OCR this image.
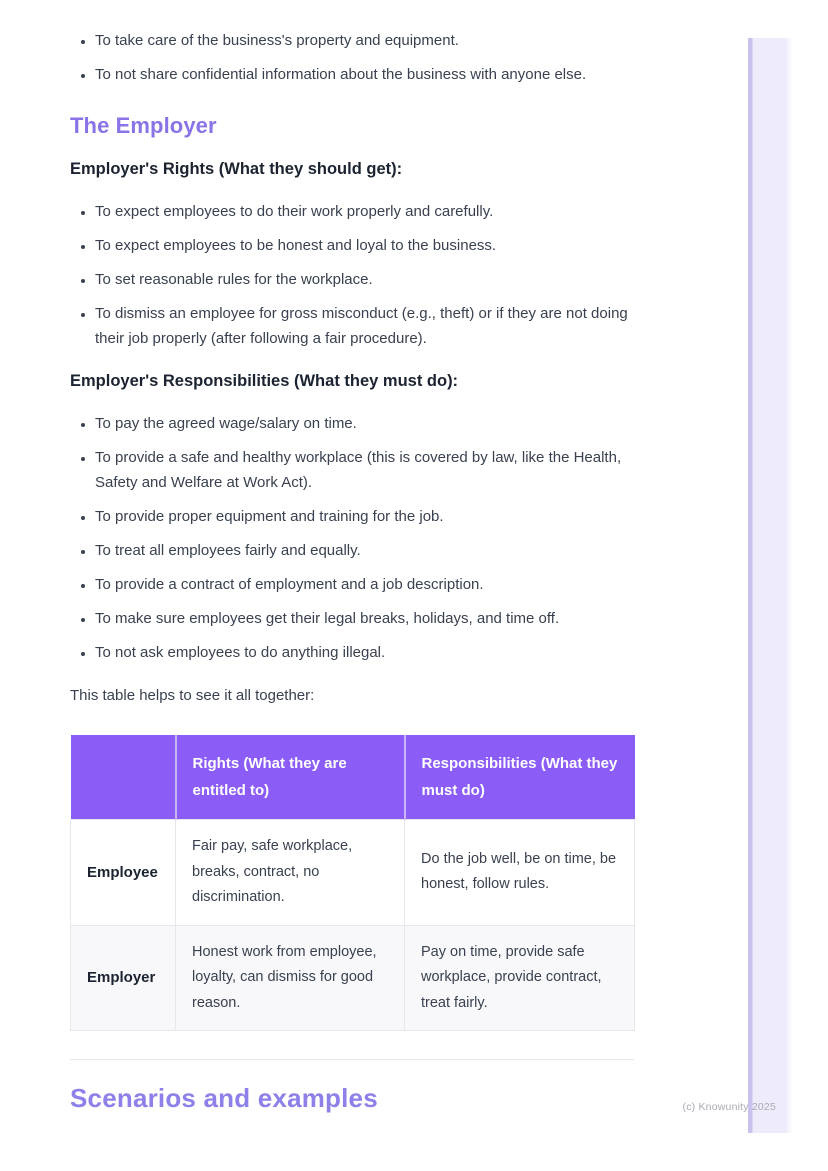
• To take care of the business's property and equipment.
• To not share confidential information about the business with anyone else.
The Employer
Employer's Rights (What they should get):
• To expect employees to do their work properly and carefully.
• To expect employees to be honest and loyal to the business.
• To set reasonable rules for the workplace.
• To dismiss an employee for gross misconduct (e.g., theft) or if they are not doing their job properly (after following a fair procedure).
Employer's Responsibilities (What they must do):
• To pay the agreed wage/salary on time.
• To provide a safe and healthy workplace (this is covered by law, like the Health, Safety and Welfare at Work Act).
• To provide proper equipment and training for the job.
• To treat all employees fairly and equally.
• To provide a contract of employment and a job description.
• To make sure employees get their legal breaks, holidays, and time off.
• To not ask employees to do anything illegal.

This table helps to see it all together:

	Rights (What they are entitled to)	Responsibilities (What they must do)
Employee	Fair pay, safe workplace, breaks, contract, no discrimination.	Do the job well, be on time, be honest, follow rules.
Employer	Honest work from employee, loyalty, can dismiss for good reason.	Pay on time, provide safe workplace, provide contract, treat fairly.
Scenarios and examples	(c) Knowunity 2025
